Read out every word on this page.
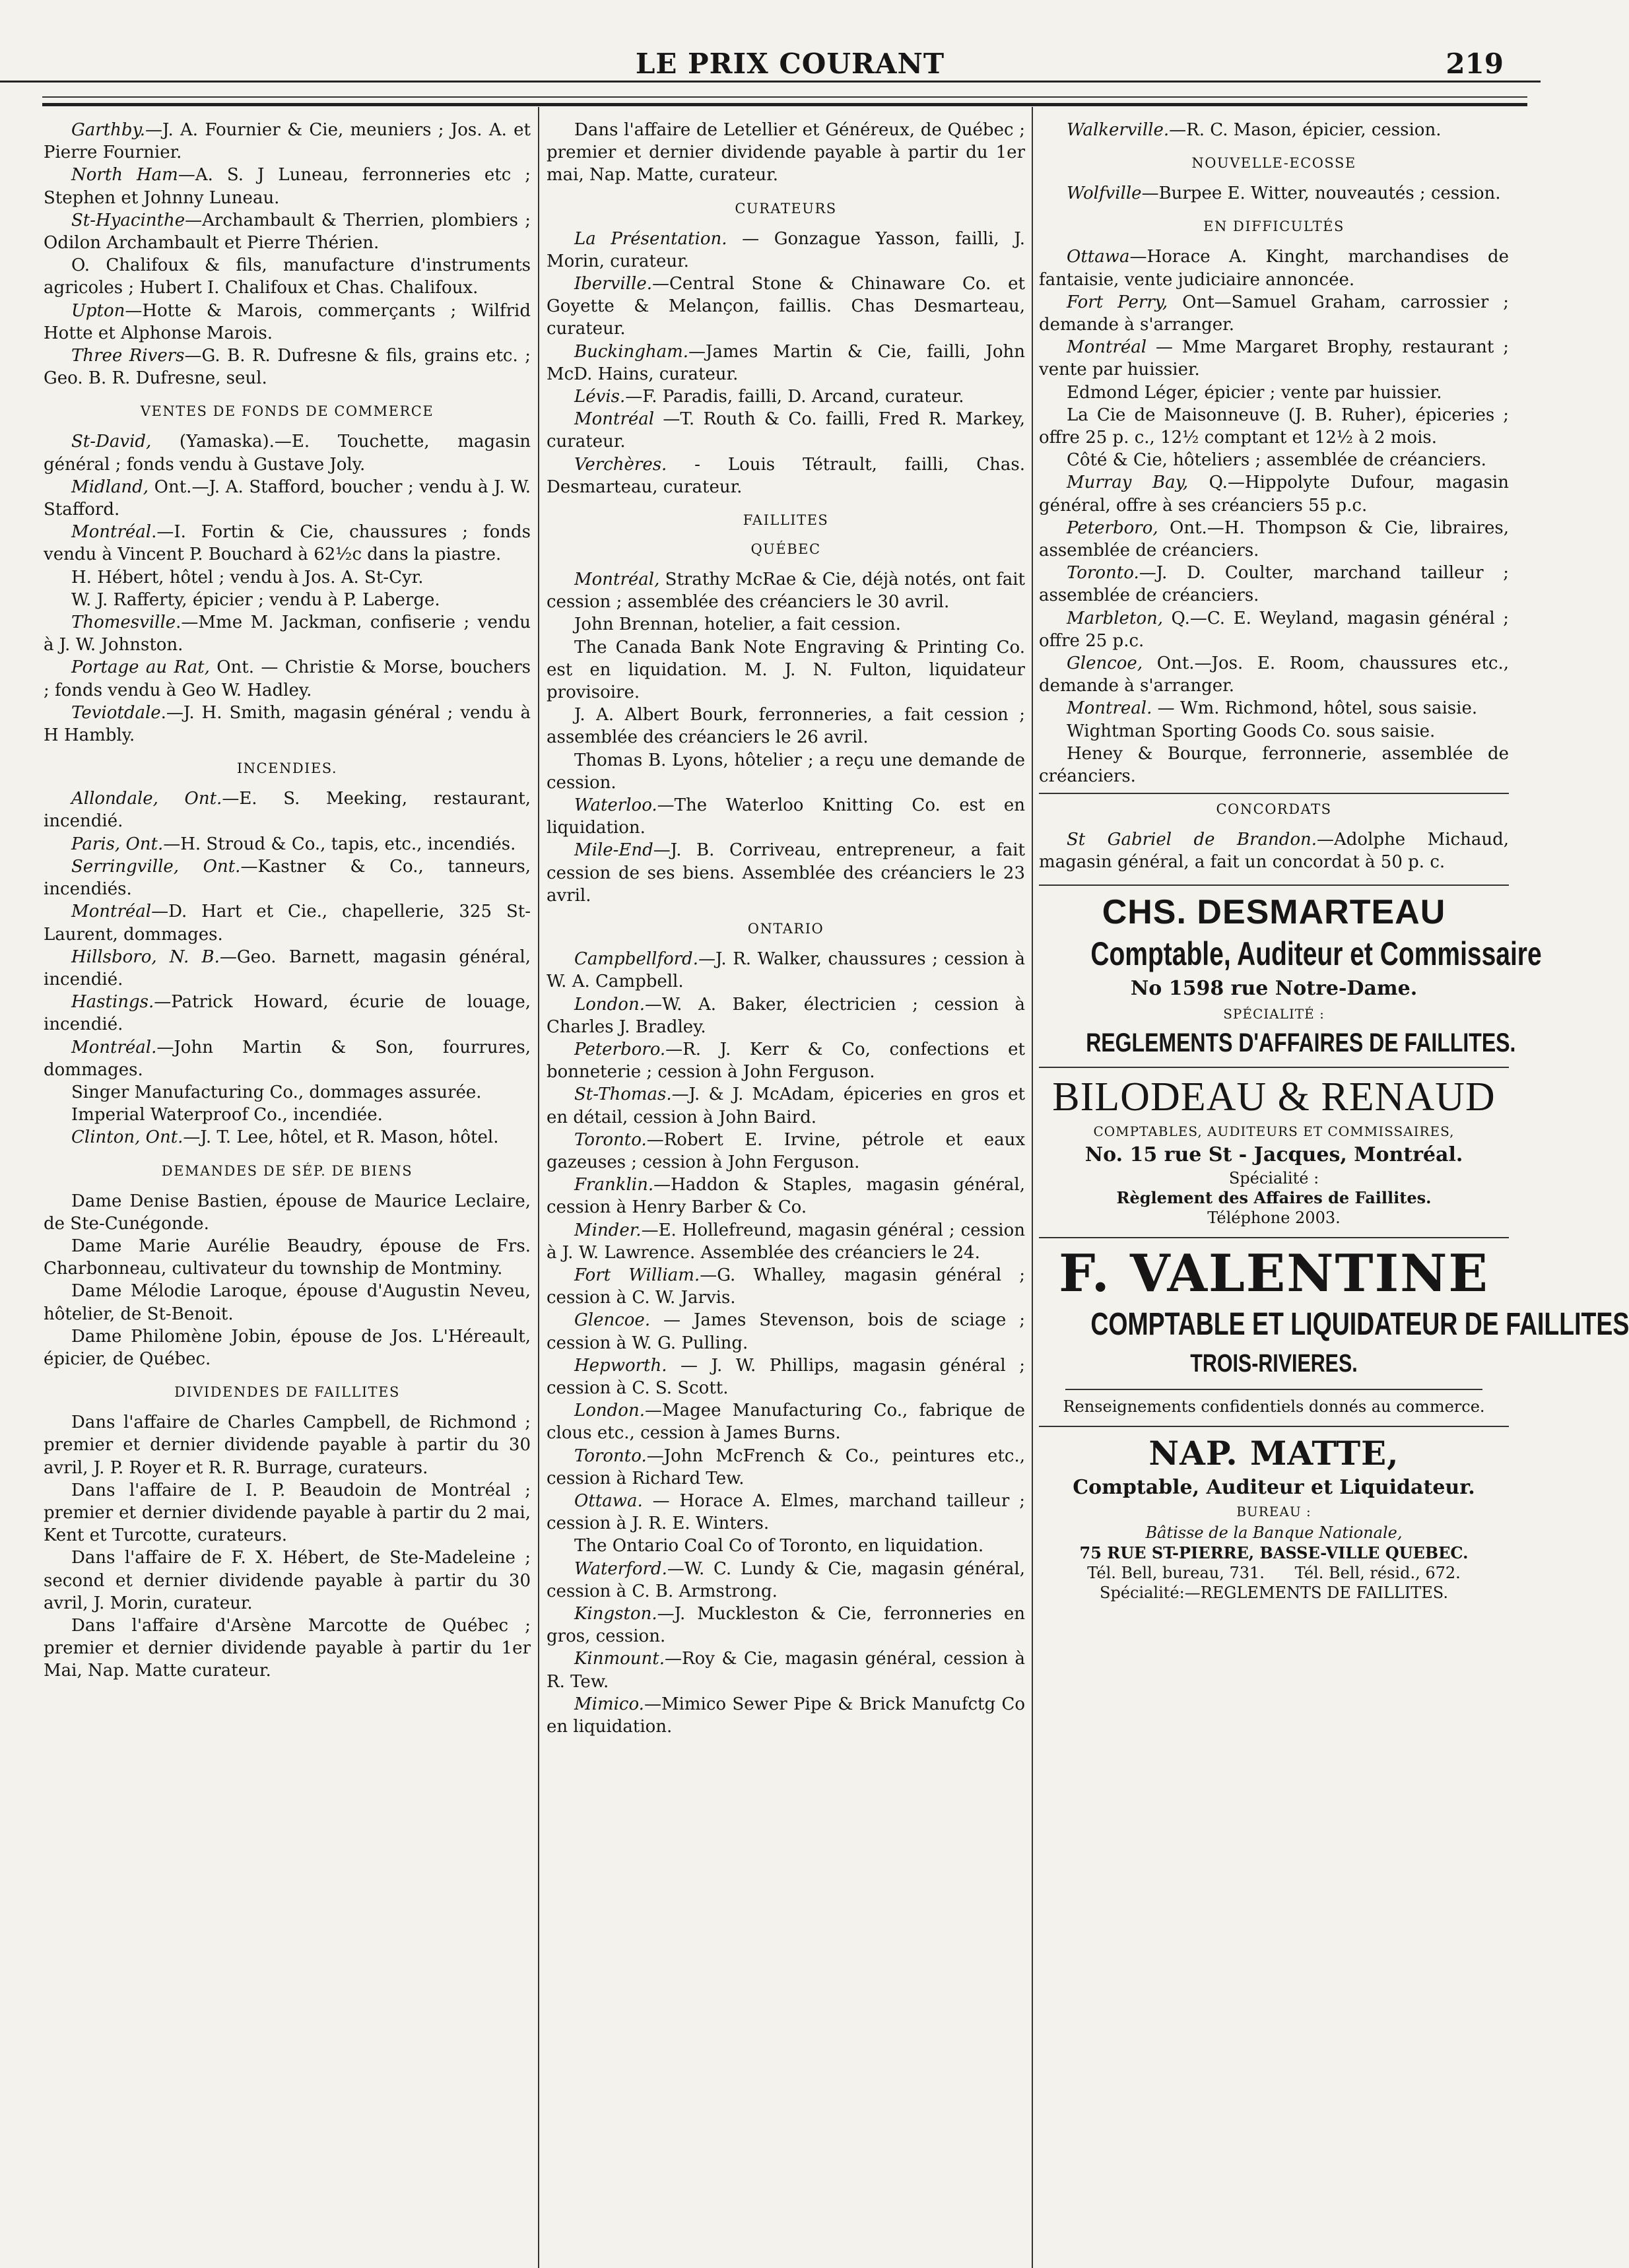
LE PRIX COURANT	219

Garthby.—J. A. Fournier & Cie, meuniers ; Jos. A. et Pierre Fournier.

North Ham—A. S. J Luneau, ferronneries etc ; Stephen et Johnny Luneau.

St-Hyacinthe—Archambault & Therrien, plombiers ; Odilon Archambault et Pierre Thérien.

O. Chalifoux & fils, manufacture d'instruments agricoles ; Hubert I. Chalifoux et Chas. Chalifoux.

Upton—Hotte & Marois, commerçants ; Wilfrid Hotte et Alphonse Marois.

Three Rivers—G. B. R. Dufresne & fils, grains etc. ; Geo. B. R. Dufresne, seul.

VENTES DE FONDS DE COMMERCE

St-David, (Yamaska).—E. Touchette, magasin général ; fonds vendu à Gustave Joly.

Midland, Ont.—J. A. Stafford, boucher ; vendu à J. W. Stafford.

Montréal.—I. Fortin & Cie, chaussures ; fonds vendu à Vincent P. Bouchard à 62½c dans la piastre.

H. Hébert, hôtel ; vendu à Jos. A. St-Cyr.

W. J. Rafferty, épicier ; vendu à P. Laberge.

Thomesville.—Mme M. Jackman, confiserie ; vendu à J. W. Johnston.

Portage au Rat, Ont. — Christie & Morse, bouchers ; fonds vendu à Geo W. Hadley.

Teviotdale.—J. H. Smith, magasin général ; vendu à H Hambly.

INCENDIES.

Allondale, Ont.—E. S. Meeking, restaurant, incendié.

Paris, Ont.—H. Stroud & Co., tapis, etc., incendiés.

Serringville, Ont.—Kastner & Co., tanneurs, incendiés.

Montréal—D. Hart et Cie., chapellerie, 325 St-Laurent, dommages.

Hillsboro, N. B.—Geo. Barnett, magasin général, incendié.

Hastings.—Patrick Howard, écurie de louage, incendié.

Montréal.—John Martin & Son, fourrures, dommages.

Singer Manufacturing Co., dommages assurée.

Imperial Waterproof Co., incendiée.

Clinton, Ont.—J. T. Lee, hôtel, et R. Mason, hôtel.

DEMANDES DE SÉP. DE BIENS

Dame Denise Bastien, épouse de Maurice Leclaire, de Ste-Cunégonde.

Dame Marie Aurélie Beaudry, épouse de Frs. Charbonneau, cultivateur du township de Montminy.

Dame Mélodie Laroque, épouse d'Augustin Neveu, hôtelier, de St-Benoit.

Dame Philomène Jobin, épouse de Jos. L'Héreault, épicier, de Québec.

DIVIDENDES DE FAILLITES

Dans l'affaire de Charles Campbell, de Richmond ; premier et dernier dividende payable à partir du 30 avril, J. P. Royer et R. R. Burrage, curateurs.

Dans l'affaire de I. P. Beaudoin de Montréal ; premier et dernier dividende payable à partir du 2 mai, Kent et Turcotte, curateurs.

Dans l'affaire de F. X. Hébert, de Ste-Madeleine ; second et dernier dividende payable à partir du 30 avril, J. Morin, curateur.

Dans l'affaire d'Arsène Marcotte de Québec ; premier et dernier dividende payable à partir du 1er Mai, Nap. Matte curateur.

Dans l'affaire de Letellier et Généreux, de Québec ; premier et dernier dividende payable à partir du 1er mai, Nap. Matte, curateur.

CURATEURS

La Présentation. — Gonzague Yasson, failli, J. Morin, curateur.

Iberville.—Central Stone & Chinaware Co. et Goyette & Melançon, faillis. Chas Desmarteau, curateur.

Buckingham.—James Martin & Cie, failli, John McD. Hains, curateur.

Lévis.—F. Paradis, failli, D. Arcand, curateur.

Montréal —T. Routh & Co. failli, Fred R. Markey, curateur.

Verchères. - Louis Tétrault, failli, Chas. Desmarteau, curateur.

FAILLITES
QUÉBEC

Montréal, Strathy McRae & Cie, déjà notés, ont fait cession ; assemblée des créanciers le 30 avril.

John Brennan, hotelier, a fait cession.

The Canada Bank Note Engraving & Printing Co. est en liquidation. M. J. N. Fulton, liquidateur provisoire.

J. A. Albert Bourk, ferronneries, a fait cession ; assemblée des créanciers le 26 avril.

Thomas B. Lyons, hôtelier ; a reçu une demande de cession.

Waterloo.—The Waterloo Knitting Co. est en liquidation.

Mile-End—J. B. Corriveau, entrepreneur, a fait cession de ses biens. Assemblée des créanciers le 23 avril.

ONTARIO

Campbellford.—J. R. Walker, chaussures ; cession à W. A. Campbell.

London.—W. A. Baker, électricien ; cession à Charles J. Bradley.

Peterboro.—R. J. Kerr & Co, confections et bonneterie ; cession à John Ferguson.

St-Thomas.—J. & J. McAdam, épiceries en gros et en détail, cession à John Baird.

Toronto.—Robert E. Irvine, pétrole et eaux gazeuses ; cession à John Ferguson.

Franklin.—Haddon & Staples, magasin général, cession à Henry Barber & Co.

Minder.—E. Hollefreund, magasin général ; cession à J. W. Lawrence. Assemblée des créanciers le 24.

Fort William.—G. Whalley, magasin général ; cession à C. W. Jarvis.

Glencoe. — James Stevenson, bois de sciage ; cession à W. G. Pulling.

Hepworth. — J. W. Phillips, magasin général ; cession à C. S. Scott.

London.—Magee Manufacturing Co., fabrique de clous etc., cession à James Burns.

Toronto.—John McFrench & Co., peintures etc., cession à Richard Tew.

Ottawa. — Horace A. Elmes, marchand tailleur ; cession à J. R. E. Winters.

The Ontario Coal Co of Toronto, en liquidation.

Waterford.—W. C. Lundy & Cie, magasin général, cession à C. B. Armstrong.

Kingston.—J. Muckleston & Cie, ferronneries en gros, cession.

Kinmount.—Roy & Cie, magasin général, cession à R. Tew.

Mimico.—Mimico Sewer Pipe & Brick Manufctg Co en liquidation.

Walkerville.—R. C. Mason, épicier, cession.

NOUVELLE-ECOSSE

Wolfville—Burpee E. Witter, nouveautés ; cession.

EN DIFFICULTÉS

Ottawa—Horace A. Kinght, marchandises de fantaisie, vente judiciaire annoncée.

Fort Perry, Ont—Samuel Graham, carrossier ; demande à s'arranger.

Montréal — Mme Margaret Brophy, restaurant ; vente par huissier.

Edmond Léger, épicier ; vente par huissier.

La Cie de Maisonneuve (J. B. Ruher), épiceries ; offre 25 p. c., 12½ comptant et 12½ à 2 mois.

Côté & Cie, hôteliers ; assemblée de créanciers.

Murray Bay, Q.—Hippolyte Dufour, magasin général, offre à ses créanciers 55 p.c.

Peterboro, Ont.—H. Thompson & Cie, libraires, assemblée de créanciers.

Toronto.—J. D. Coulter, marchand tailleur ; assemblée de créanciers.

Marbleton, Q.—C. E. Weyland, magasin général ; offre 25 p.c.

Glencoe, Ont.—Jos. E. Room, chaussures etc., demande à s'arranger.

Montreal. — Wm. Richmond, hôtel, sous saisie.

Wightman Sporting Goods Co. sous saisie.

Heney & Bourque, ferronnerie, assemblée de créanciers.

CONCORDATS

St Gabriel de Brandon.—Adolphe Michaud, magasin général, a fait un concordat à 50 p. c.

CHS. DESMARTEAU
Comptable, Auditeur et Commissaire
No 1598 rue Notre-Dame.
SPÉCIALITÉ :
REGLEMENTS D'AFFAIRES DE FAILLITES.
BILODEAU & RENAUD
COMPTABLES, AUDITEURS ET COMMISSAIRES,
No. 15 rue St - Jacques, Montréal.
Spécialité :
Règlement des Affaires de Faillites.
Téléphone 2003.
F. VALENTINE
COMPTABLE ET LIQUIDATEUR DE FAILLITES
TROIS-RIVIERES.
Renseignements confidentiels donnés au commerce.
NAP. MATTE,
Comptable, Auditeur et Liquidateur.
BUREAU :
Bâtisse de la Banque Nationale,
75 RUE ST-PIERRE, BASSE-VILLE QUEBEC.
Tél. Bell, bureau, 731.      Tél. Bell, résid., 672.
Spécialité:—REGLEMENTS DE FAILLITES.
